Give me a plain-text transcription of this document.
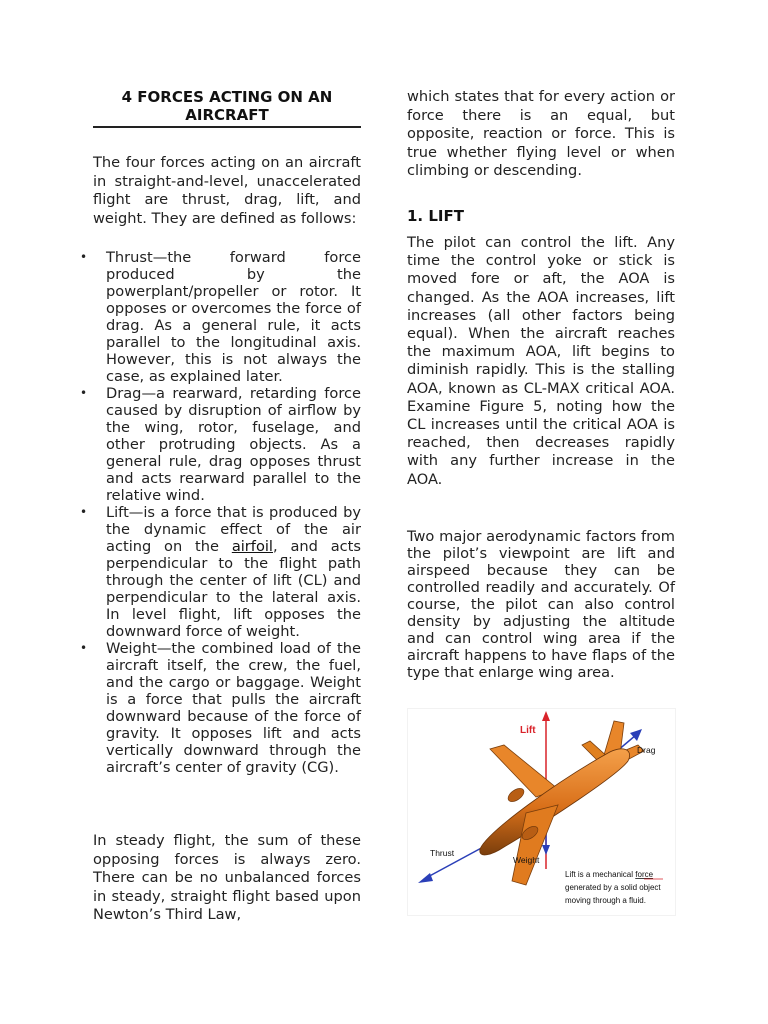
4 FORCES ACTING ON AN AIRCRAFT

The four forces acting on an aircraft in straight-and-level, unaccelerated flight are thrust, drag, lift, and weight. They are defined as follows:

• Thrust—the forward force produced by the powerplant/propeller or rotor. It opposes or overcomes the force of drag. As a general rule, it acts parallel to the longitudinal axis. However, this is not always the case, as explained later.
• Drag—a rearward, retarding force caused by disruption of airflow by the wing, rotor, fuselage, and other protruding objects. As a general rule, drag opposes thrust and acts rearward parallel to the relative wind.
• Lift—is a force that is produced by the dynamic effect of the air acting on the airfoil, and acts perpendicular to the flight path through the center of lift (CL) and perpendicular to the lateral axis. In level flight, lift opposes the downward force of weight.
• Weight—the combined load of the aircraft itself, the crew, the fuel, and the cargo or baggage. Weight is a force that pulls the aircraft downward because of the force of gravity. It opposes lift and acts vertically downward through the aircraft’s center of gravity (CG).

In steady flight, the sum of these opposing forces is always zero. There can be no unbalanced forces in steady, straight flight based upon Newton’s Third Law,

which states that for every action or force there is an equal, but opposite, reaction or force. This is true whether flying level or when climbing or descending.

1. LIFT

The pilot can control the lift. Any time the control yoke or stick is moved fore or aft, the AOA is changed. As the AOA increases, lift increases (all other factors being equal). When the aircraft reaches the maximum AOA, lift begins to diminish rapidly. This is the stalling AOA, known as CL-MAX critical AOA. Examine Figure 5, noting how the CL increases until the critical AOA is reached, then decreases rapidly with any further increase in the AOA.

Two major aerodynamic factors from the pilot’s viewpoint are lift and airspeed because they can be controlled readily and accurately. Of course, the pilot can also control density by adjusting the altitude and can control wing area if the aircraft happens to have flaps of the type that enlarge wing area.

Lift
Drag
Thrust
Weight
Lift is a mechanical force
generated by a solid object
moving through a fluid.
